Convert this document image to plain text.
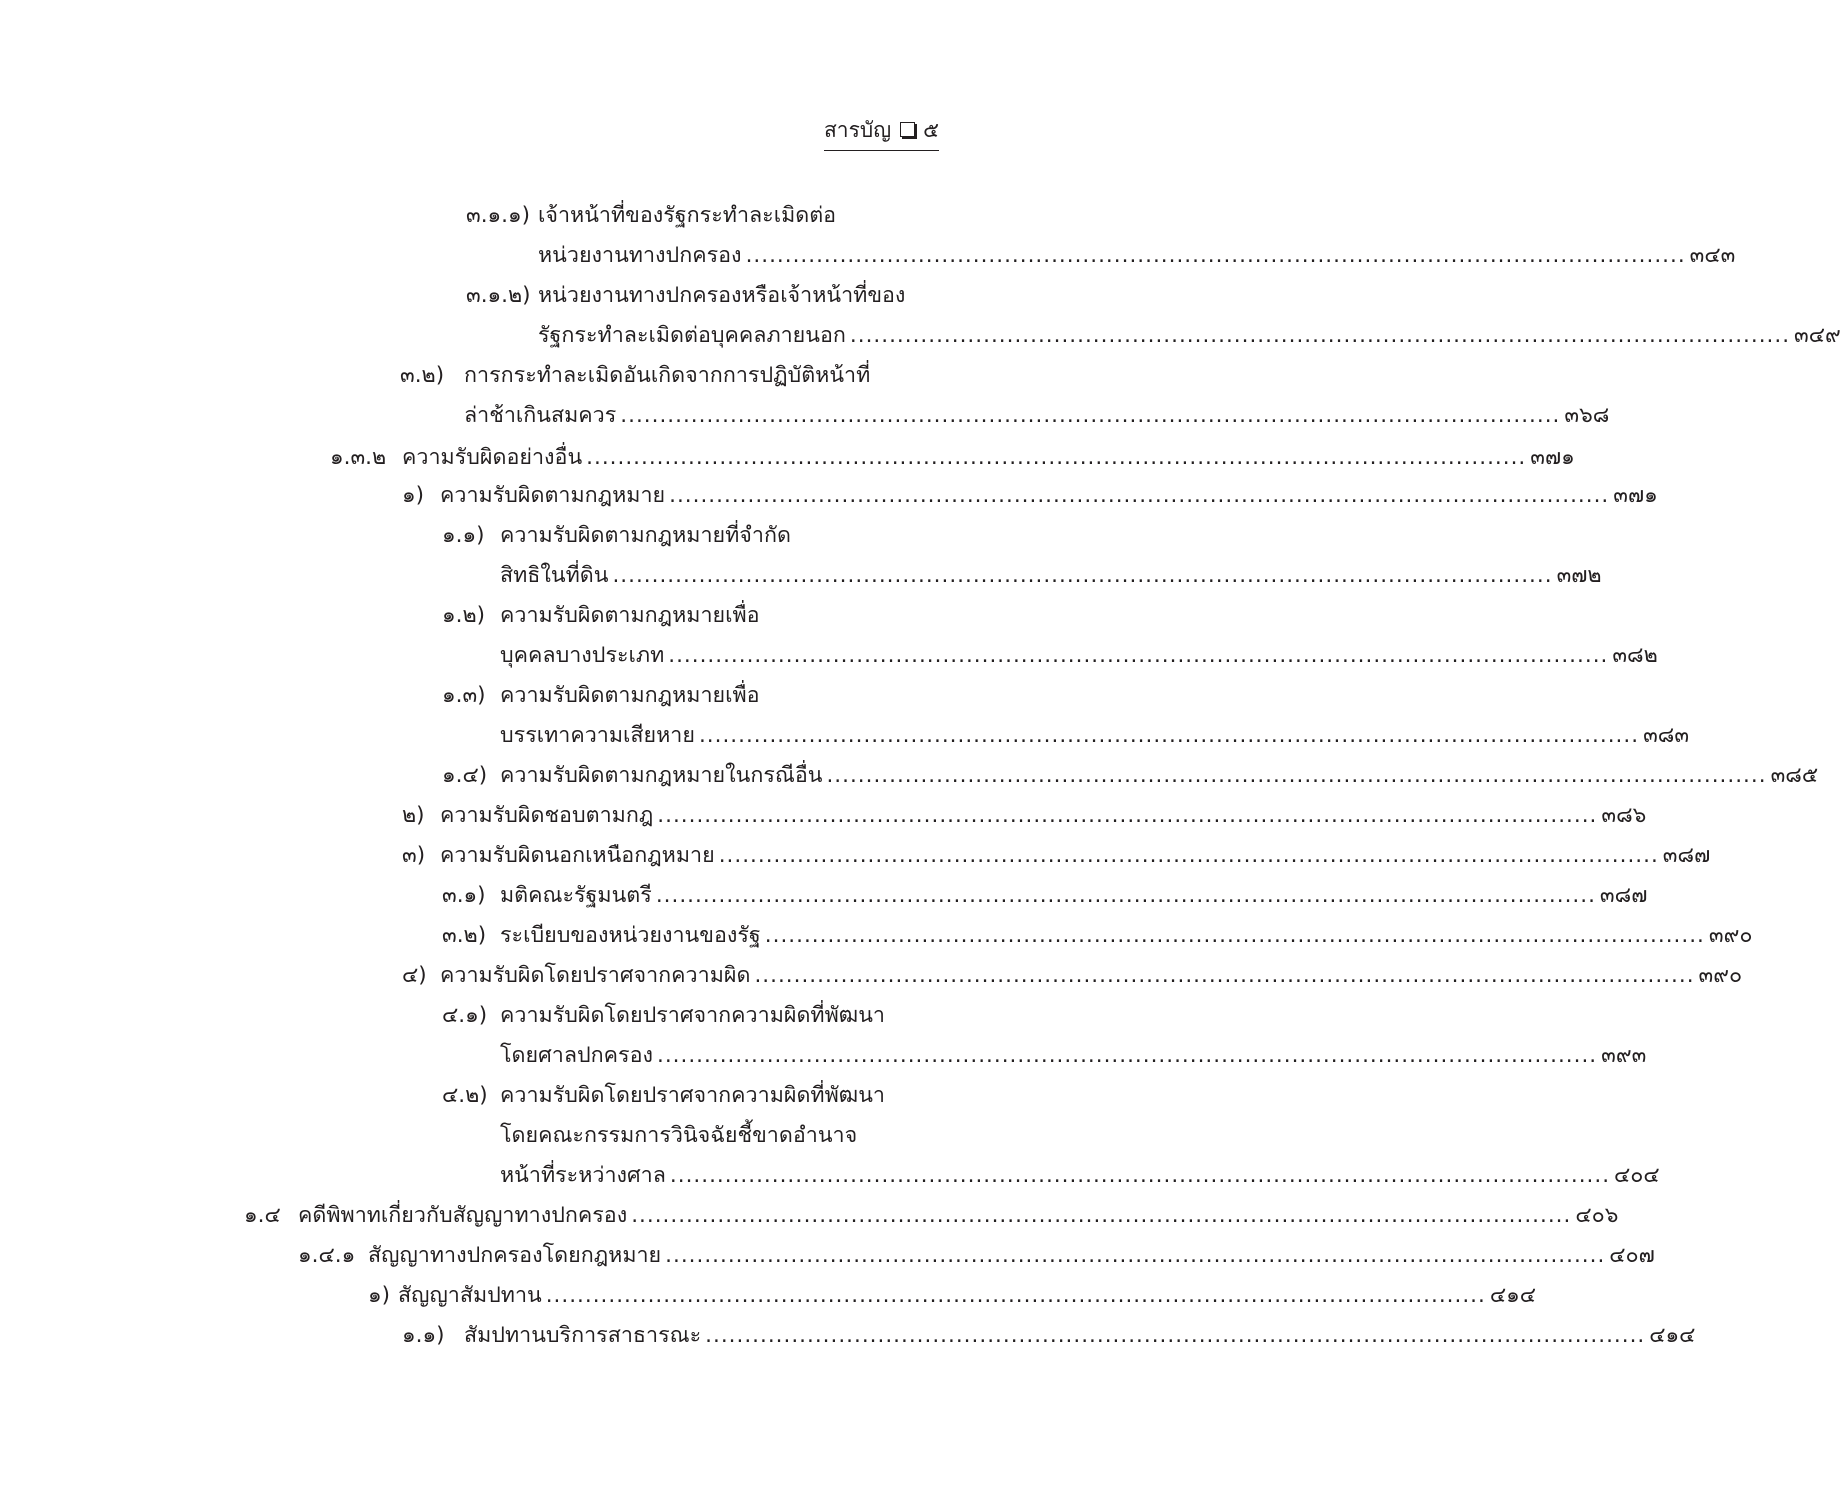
สารบัญ ๕
๓.๑.๑) เจ้าหน้าที่ของรัฐกระทำละเมิดต่อ
หน่วยงานทางปกครอง ........................................................................................................................ ๓๔๓
๓.๑.๒) หน่วยงานทางปกครองหรือเจ้าหน้าที่ของ
รัฐกระทำละเมิดต่อบุคคลภายนอก ........................................................................................................................ ๓๔๙
๓.๒) การกระทำละเมิดอันเกิดจากการปฏิบัติหน้าที่
ล่าช้าเกินสมควร ........................................................................................................................ ๓๖๘
๑.๓.๒ ความรับผิดอย่างอื่น ........................................................................................................................ ๓๗๑
๑) ความรับผิดตามกฎหมาย ........................................................................................................................ ๓๗๑
๑.๑) ความรับผิดตามกฎหมายที่จำกัด
สิทธิในที่ดิน ........................................................................................................................ ๓๗๒
๑.๒) ความรับผิดตามกฎหมายเพื่อ
บุคคลบางประเภท ........................................................................................................................ ๓๘๒
๑.๓) ความรับผิดตามกฎหมายเพื่อ
บรรเทาความเสียหาย ........................................................................................................................ ๓๘๓
๑.๔) ความรับผิดตามกฎหมายในกรณีอื่น ........................................................................................................................ ๓๘๕
๒) ความรับผิดชอบตามกฎ ........................................................................................................................ ๓๘๖
๓) ความรับผิดนอกเหนือกฎหมาย ........................................................................................................................ ๓๘๗
๓.๑) มติคณะรัฐมนตรี ........................................................................................................................ ๓๘๗
๓.๒) ระเบียบของหน่วยงานของรัฐ ........................................................................................................................ ๓๙๐
๔) ความรับผิดโดยปราศจากความผิด ........................................................................................................................ ๓๙๐
๔.๑) ความรับผิดโดยปราศจากความผิดที่พัฒนา
โดยศาลปกครอง ........................................................................................................................ ๓๙๓
๔.๒) ความรับผิดโดยปราศจากความผิดที่พัฒนา
โดยคณะกรรมการวินิจฉัยชี้ขาดอำนาจ
หน้าที่ระหว่างศาล ........................................................................................................................ ๔๐๔
๑.๔ คดีพิพาทเกี่ยวกับสัญญาทางปกครอง ........................................................................................................................ ๔๐๖
๑.๔.๑ สัญญาทางปกครองโดยกฎหมาย ........................................................................................................................ ๔๐๗
๑) สัญญาสัมปทาน ........................................................................................................................ ๔๑๔
๑.๑) สัมปทานบริการสาธารณะ ........................................................................................................................ ๔๑๔
